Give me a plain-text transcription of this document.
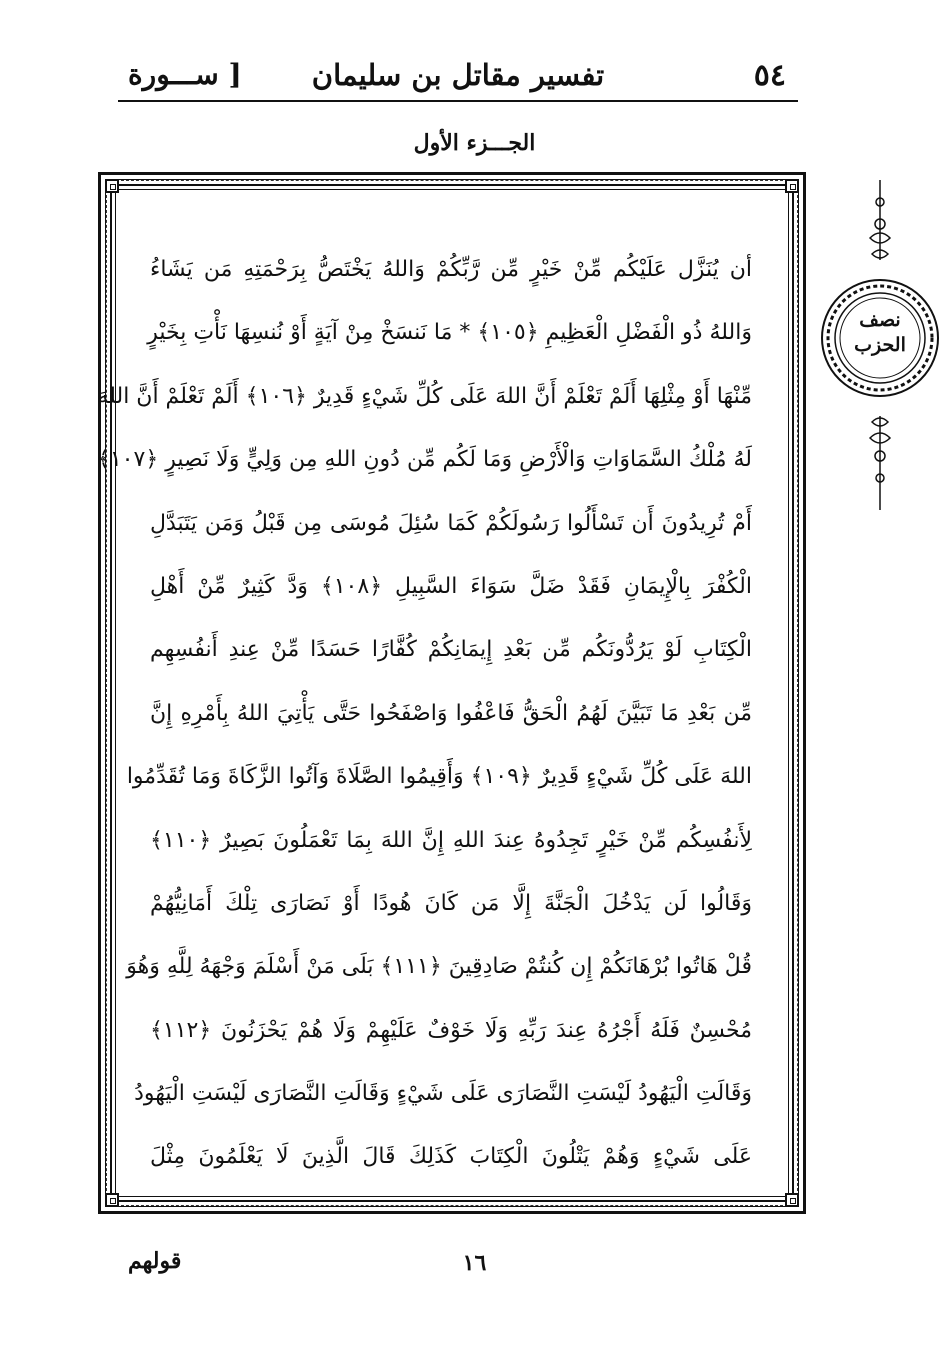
٥٤
تفسير مقاتل بن سليمان
[ ســـورة
الجـــزء الأول
أن يُنَزَّل عَلَيْكُم مِّنْ خَيْرٍ مِّن رَّبِّكُمْ وَاللهُ يَخْتَصُّ بِرَحْمَتِهِ مَن يَشَاءُ
وَاللهُ ذُو الْفَضْلِ الْعَظِيمِ ﴿١٠٥﴾ * مَا نَنسَخْ مِنْ آيَةٍ أَوْ نُنسِهَا نَأْتِ بِخَيْرٍ
مِّنْهَا أَوْ مِثْلِهَا أَلَمْ تَعْلَمْ أَنَّ اللهَ عَلَى كُلِّ شَيْءٍ قَدِيرٌ ﴿١٠٦﴾ أَلَمْ تَعْلَمْ أَنَّ اللهَ
لَهُ مُلْكُ السَّمَاوَاتِ وَالْأَرْضِ وَمَا لَكُم مِّن دُونِ اللهِ مِن وَلِيٍّ وَلَا نَصِيرٍ ﴿١٠٧﴾
أَمْ تُرِيدُونَ أَن تَسْأَلُوا رَسُولَكُمْ كَمَا سُئِلَ مُوسَى مِن قَبْلُ وَمَن يَتَبَدَّلِ
الْكُفْرَ بِالْإِيمَانِ فَقَدْ ضَلَّ سَوَاءَ السَّبِيلِ ﴿١٠٨﴾ وَدَّ كَثِيرٌ مِّنْ أَهْلِ
الْكِتَابِ لَوْ يَرُدُّونَكُم مِّن بَعْدِ إِيمَانِكُمْ كُفَّارًا حَسَدًا مِّنْ عِندِ أَنفُسِهِم
مِّن بَعْدِ مَا تَبَيَّنَ لَهُمُ الْحَقُّ فَاعْفُوا وَاصْفَحُوا حَتَّى يَأْتِيَ اللهُ بِأَمْرِهِ إِنَّ
اللهَ عَلَى كُلِّ شَيْءٍ قَدِيرٌ ﴿١٠٩﴾ وَأَقِيمُوا الصَّلَاةَ وَآتُوا الزَّكَاةَ وَمَا تُقَدِّمُوا
لِأَنفُسِكُم مِّنْ خَيْرٍ تَجِدُوهُ عِندَ اللهِ إِنَّ اللهَ بِمَا تَعْمَلُونَ بَصِيرٌ ﴿١١٠﴾
وَقَالُوا لَن يَدْخُلَ الْجَنَّةَ إِلَّا مَن كَانَ هُودًا أَوْ نَصَارَى تِلْكَ أَمَانِيُّهُمْ
قُلْ هَاتُوا بُرْهَانَكُمْ إِن كُنتُمْ صَادِقِينَ ﴿١١١﴾ بَلَى مَنْ أَسْلَمَ وَجْهَهُ لِلَّهِ وَهُوَ
مُحْسِنٌ فَلَهُ أَجْرُهُ عِندَ رَبِّهِ وَلَا خَوْفٌ عَلَيْهِمْ وَلَا هُمْ يَحْزَنُونَ ﴿١١٢﴾
وَقَالَتِ الْيَهُودُ لَيْسَتِ النَّصَارَى عَلَى شَيْءٍ وَقَالَتِ النَّصَارَى لَيْسَتِ الْيَهُودُ
عَلَى شَيْءٍ وَهُمْ يَتْلُونَ الْكِتَابَ كَذَلِكَ قَالَ الَّذِينَ لَا يَعْلَمُونَ مِثْلَ
نصف
الحزب
١٦
قولهم
